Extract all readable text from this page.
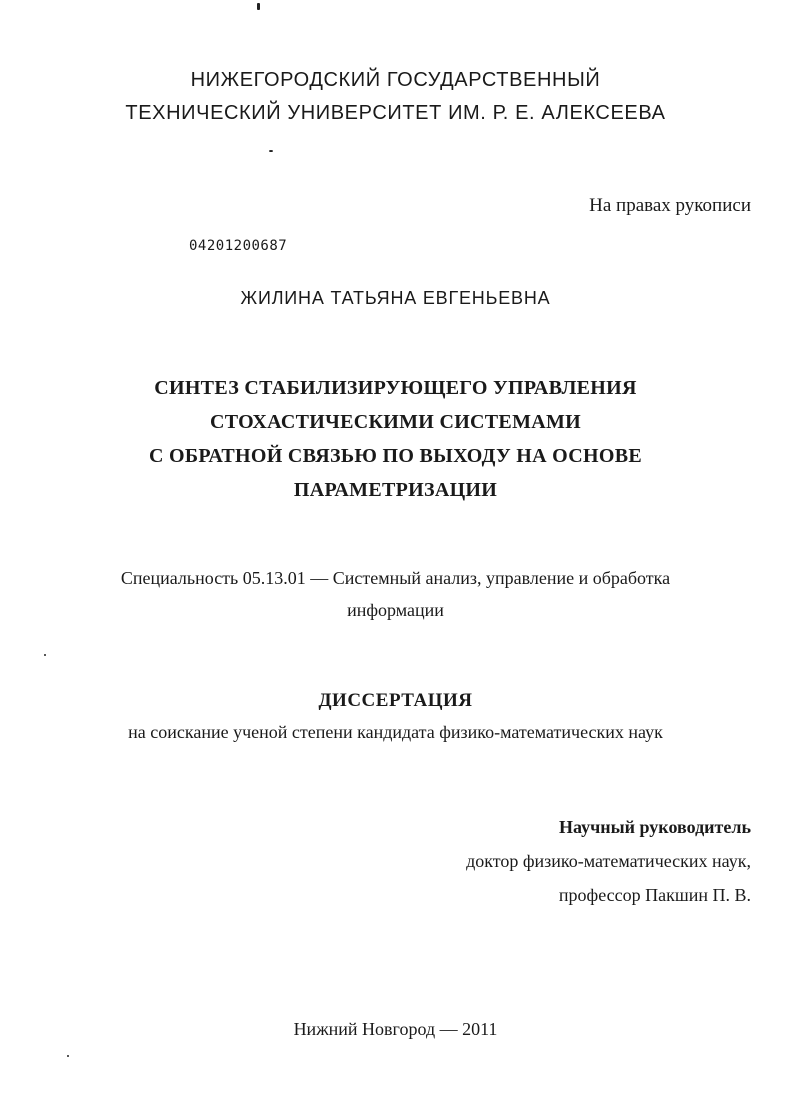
НИЖЕГОРОДСКИЙ ГОСУДАРСТВЕННЫЙ
ТЕХНИЧЕСКИЙ УНИВЕРСИТЕТ ИМ. Р. Е. АЛЕКСЕЕВА
На правах рукописи
04201200687
ЖИЛИНА ТАТЬЯНА ЕВГЕНЬЕВНА
СИНТЕЗ СТАБИЛИЗИРУЮЩЕГО УПРАВЛЕНИЯ
СТОХАСТИЧЕСКИМИ СИСТЕМАМИ
С ОБРАТНОЙ СВЯЗЬЮ ПО ВЫХОДУ НА ОСНОВЕ
ПАРАМЕТРИЗАЦИИ
Специальность 05.13.01 — Системный анализ, управление и обработка
информации
ДИССЕРТАЦИЯ
на соискание ученой степени кандидата физико-математических наук
Научный руководитель
доктор физико-математических наук,
профессор Пакшин П. В.
Нижний Новгород — 2011
